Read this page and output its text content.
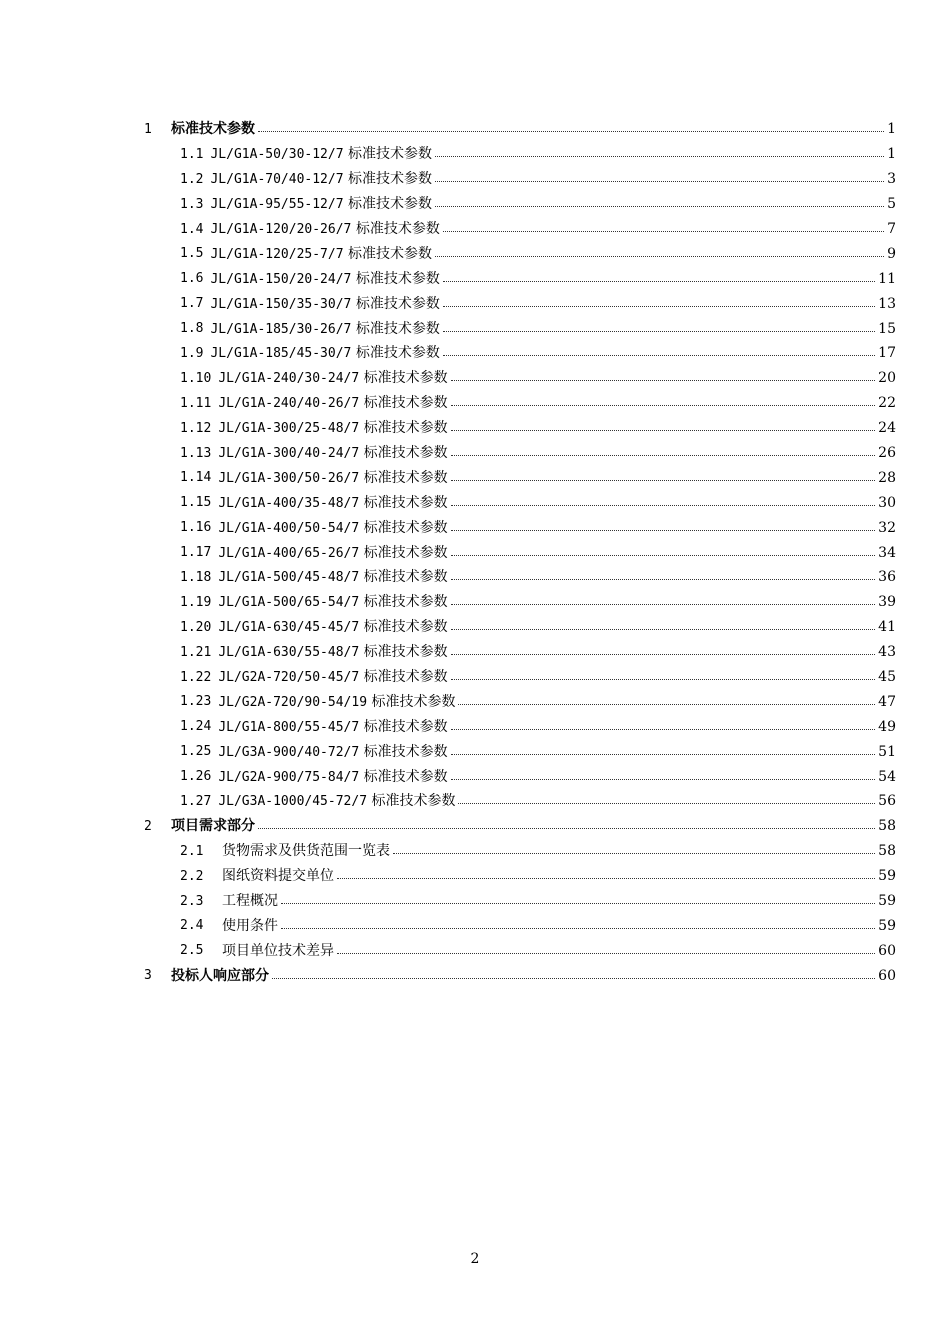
1	标准技术参数	1
1.1 JL/G1A-50/30-12/7 标准技术参数	1
1.2 JL/G1A-70/40-12/7 标准技术参数	3
1.3 JL/G1A-95/55-12/7 标准技术参数	5
1.4 JL/G1A-120/20-26/7 标准技术参数	7
1.5 JL/G1A-120/25-7/7 标准技术参数	9
1.6 JL/G1A-150/20-24/7 标准技术参数	11
1.7 JL/G1A-150/35-30/7 标准技术参数	13
1.8 JL/G1A-185/30-26/7 标准技术参数	15
1.9 JL/G1A-185/45-30/7 标准技术参数	17
1.10 JL/G1A-240/30-24/7 标准技术参数	20
1.11 JL/G1A-240/40-26/7 标准技术参数	22
1.12 JL/G1A-300/25-48/7 标准技术参数	24
1.13 JL/G1A-300/40-24/7 标准技术参数	26
1.14 JL/G1A-300/50-26/7 标准技术参数	28
1.15 JL/G1A-400/35-48/7 标准技术参数	30
1.16 JL/G1A-400/50-54/7 标准技术参数	32
1.17 JL/G1A-400/65-26/7 标准技术参数	34
1.18 JL/G1A-500/45-48/7 标准技术参数	36
1.19 JL/G1A-500/65-54/7 标准技术参数	39
1.20 JL/G1A-630/45-45/7 标准技术参数	41
1.21 JL/G1A-630/55-48/7 标准技术参数	43
1.22 JL/G2A-720/50-45/7 标准技术参数	45
1.23 JL/G2A-720/90-54/19 标准技术参数	47
1.24 JL/G1A-800/55-45/7 标准技术参数	49
1.25 JL/G3A-900/40-72/7 标准技术参数	51
1.26 JL/G2A-900/75-84/7 标准技术参数	54
1.27 JL/G3A-1000/45-72/7 标准技术参数	56
2	项目需求部分	58
2.1	货物需求及供货范围一览表	58
2.2	图纸资料提交单位	59
2.3	工程概况	59
2.4	使用条件	59
2.5	项目单位技术差异	60
3	投标人响应部分	60
2
